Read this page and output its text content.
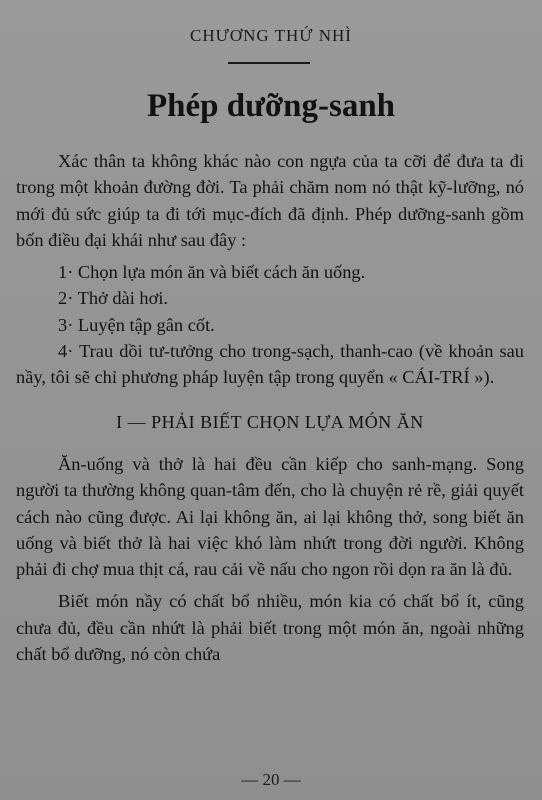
CHƯƠNG THỨ NHÌ
Phép dưỡng-sanh

Xác thân ta không khác nào con ngựa của ta cỡi để đưa ta đi trong một khoản đường đời. Ta phải chăm nom nó thật kỹ-lưỡng, nó mới đủ sức giúp ta đi tới mục-đích đã định. Phép dưỡng-sanh gồm bốn điều đại khái như sau đây :

1· Chọn lựa món ăn và biết cách ăn uống.

2· Thở dài hơi.

3· Luyện tập gân cốt.

4· Trau dồi tư-tưởng cho trong-sạch, thanh-cao (về khoản sau nầy, tôi sẽ chỉ phương pháp luyện tập trong quyển « CÁI-TRÍ »).

I — PHẢI BIẾT CHỌN LỰA MÓN ĂN

Ăn-uống và thở là hai đều cần kiếp cho sanh-mạng. Song người ta thường không quan-tâm đến, cho là chuyện rẻ rề, giải quyết cách nào cũng được. Ai lại không ăn, ai lại không thở, song biết ăn uống và biết thở là hai việc khó làm nhứt trong đời người. Không phải đi chợ mua thịt cá, rau cải về nấu cho ngon rồi dọn ra ăn là đủ.

Biết món nầy có chất bổ nhiều, món kia có chất bổ ít, cũng chưa đủ, đều cần nhứt là phải biết trong một món ăn, ngoài những chất bổ dưỡng, nó còn chứa

— 20 —
